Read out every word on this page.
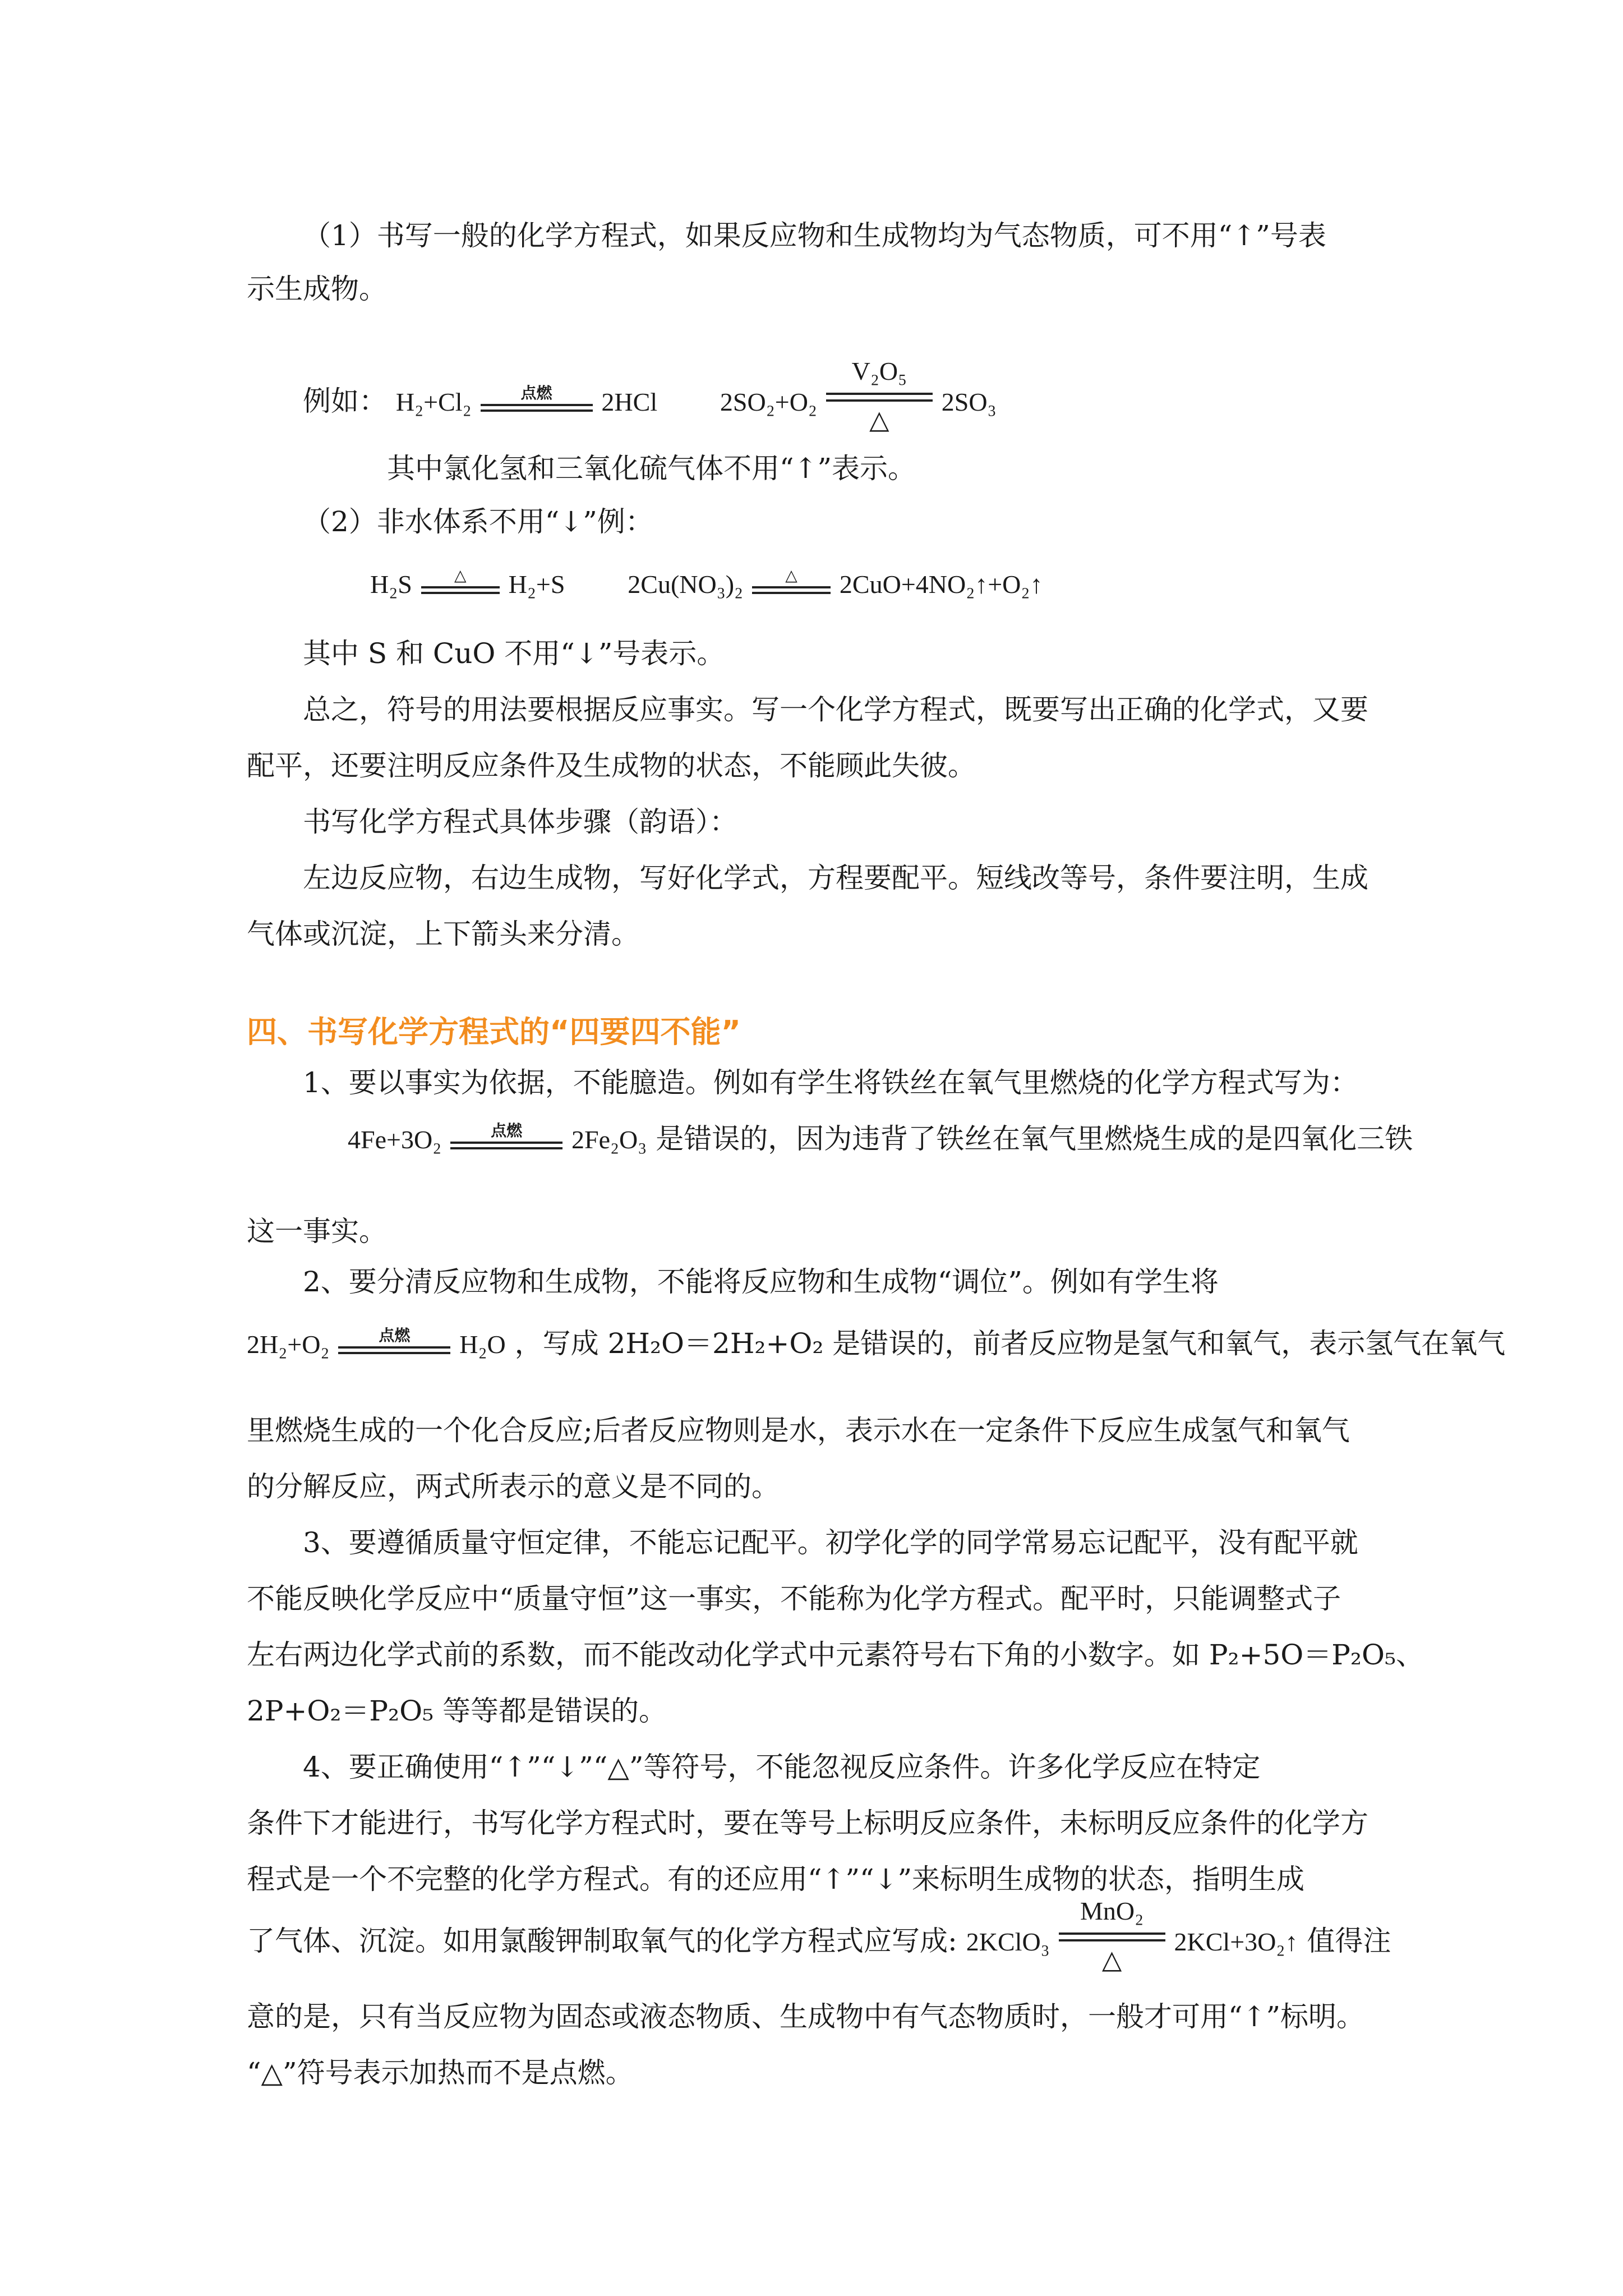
（1）书写一般的化学方程式，如果反应物和生成物均为气态物质，可不用“↑”号表
示生成物。
例如： H₂+Cl₂	点燃	2HCl 2SO₂+O₂
V₂O₅
△
2SO₃
其中氯化氢和三氧化硫气体不用“↑”表示。
（2）非水体系不用“↓”例：
H₂S	△	H₂+S 2Cu(NO₃)₂	△	2CuO+4NO₂↑+O₂↑
其中 S 和 CuO 不用“↓”号表示。
总之，符号的用法要根据反应事实。写一个化学方程式，既要写出正确的化学式，又要
配平，还要注明反应条件及生成物的状态，不能顾此失彼。
书写化学方程式具体步骤（韵语）：
左边反应物，右边生成物，写好化学式，方程要配平。短线改等号，条件要注明，生成
气体或沉淀，上下箭头来分清。
四、书写化学方程式的“四要四不能”
1、要以事实为依据，不能臆造。例如有学生将铁丝在氧气里燃烧的化学方程式写为：
4Fe+3O₂	点燃	2Fe₂O₃ 是错误的，因为违背了铁丝在氧气里燃烧生成的是四氧化三铁
这一事实。
2、要分清反应物和生成物，不能将反应物和生成物“调位”。例如有学生将
2H₂+O₂	点燃	H₂O ，写成 2H₂O＝2H₂+O₂ 是错误的，前者反应物是氢气和氧气，表示氢气在氧气
里燃烧生成的一个化合反应;后者反应物则是水，表示水在一定条件下反应生成氢气和氧气
的分解反应，两式所表示的意义是不同的。
3、要遵循质量守恒定律，不能忘记配平。初学化学的同学常易忘记配平，没有配平就
不能反映化学反应中“质量守恒”这一事实，不能称为化学方程式。配平时，只能调整式子
左右两边化学式前的系数，而不能改动化学式中元素符号右下角的小数字。如 P₂+5O＝P₂O₅、
2P+O₂＝P₂O₅ 等等都是错误的。
4、要正确使用“↑”“↓”“△”等符号，不能忽视反应条件。许多化学反应在特定
条件下才能进行，书写化学方程式时，要在等号上标明反应条件，未标明反应条件的化学方
程式是一个不完整的化学方程式。有的还应用“↑”“↓”来标明生成物的状态，指明生成
了气体、沉淀。如用氯酸钾制取氧气的化学方程式应写成: 2KClO₃
MnO₂
△
2KCl+3O₂↑ 值得注
意的是，只有当反应物为固态或液态物质、生成物中有气态物质时，一般才可用“↑”标明。
“△”符号表示加热而不是点燃。
